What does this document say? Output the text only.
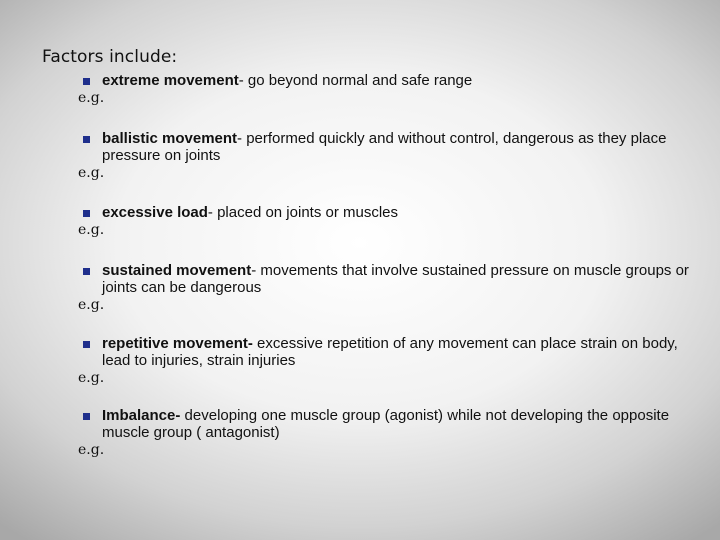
Factors include:
extreme movement- go beyond normal and safe range
e.g.
ballistic movement- performed quickly and without control, dangerous as they place pressure on joints
e.g.
excessive load- placed on joints or muscles
e.g.
sustained movement- movements that involve sustained pressure on muscle groups or joints can be dangerous
e.g.
repetitive movement- excessive repetition of any movement can place strain on body, lead to injuries, strain injuries
e.g.
Imbalance- developing one muscle group (agonist) while not developing the opposite muscle group ( antagonist)
e.g.
